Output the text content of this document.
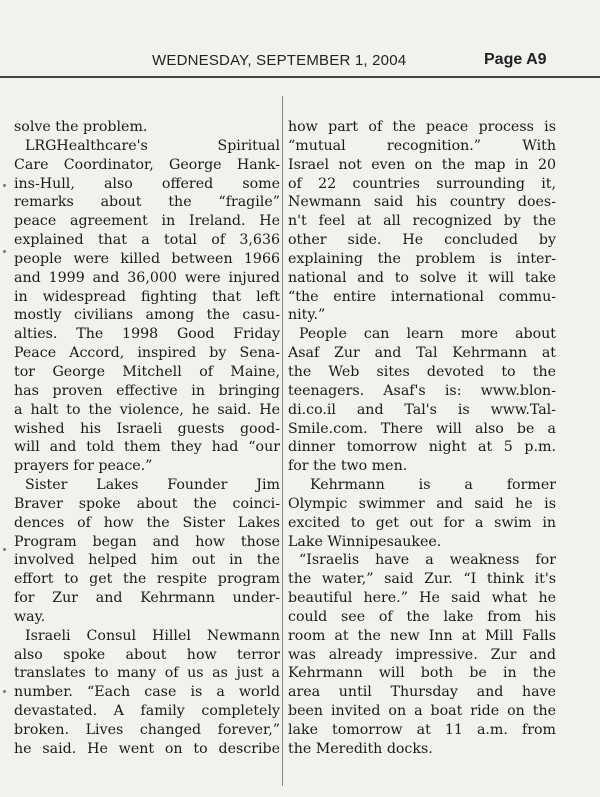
WEDNESDAY, SEPTEMBER 1, 2004	Page A9
solve the problem.
LRGHealthcare's Spiritual
Care Coordinator, George Hank-
ins-Hull, also offered some
remarks about the “fragile”
peace agreement in Ireland. He
explained that a total of 3,636
people were killed between 1966
and 1999 and 36,000 were injured
in widespread fighting that left
mostly civilians among the casu-
alties. The 1998 Good Friday
Peace Accord, inspired by Sena-
tor George Mitchell of Maine,
has proven effective in bringing
a halt to the violence, he said. He
wished his Israeli guests good-
will and told them they had “our
prayers for peace.”
Sister Lakes Founder Jim
Braver spoke about the coinci-
dences of how the Sister Lakes
Program began and how those
involved helped him out in the
effort to get the respite program
for Zur and Kehrmann under-
way.
Israeli Consul Hillel Newmann
also spoke about how terror
translates to many of us as just a
number. “Each case is a world
devastated. A family completely
broken. Lives changed forever,”
he said. He went on to describe
how part of the peace process is
“mutual recognition.” With
Israel not even on the map in 20
of 22 countries surrounding it,
Newmann said his country does-
n't feel at all recognized by the
other side. He concluded by
explaining the problem is inter-
national and to solve it will take
“the entire international commu-
nity.”
People can learn more about
Asaf Zur and Tal Kehrmann at
the Web sites devoted to the
teenagers. Asaf's is: www.blon-
di.co.il and Tal's is www.Tal-
Smile.com. There will also be a
dinner tomorrow night at 5 p.m.
for the two men.
Kehrmann is a former
Olympic swimmer and said he is
excited to get out for a swim in
Lake Winnipesaukee.
“Israelis have a weakness for
the water,” said Zur. “I think it's
beautiful here.” He said what he
could see of the lake from his
room at the new Inn at Mill Falls
was already impressive. Zur and
Kehrmann will both be in the
area until Thursday and have
been invited on a boat ride on the
lake tomorrow at 11 a.m. from
the Meredith docks.
